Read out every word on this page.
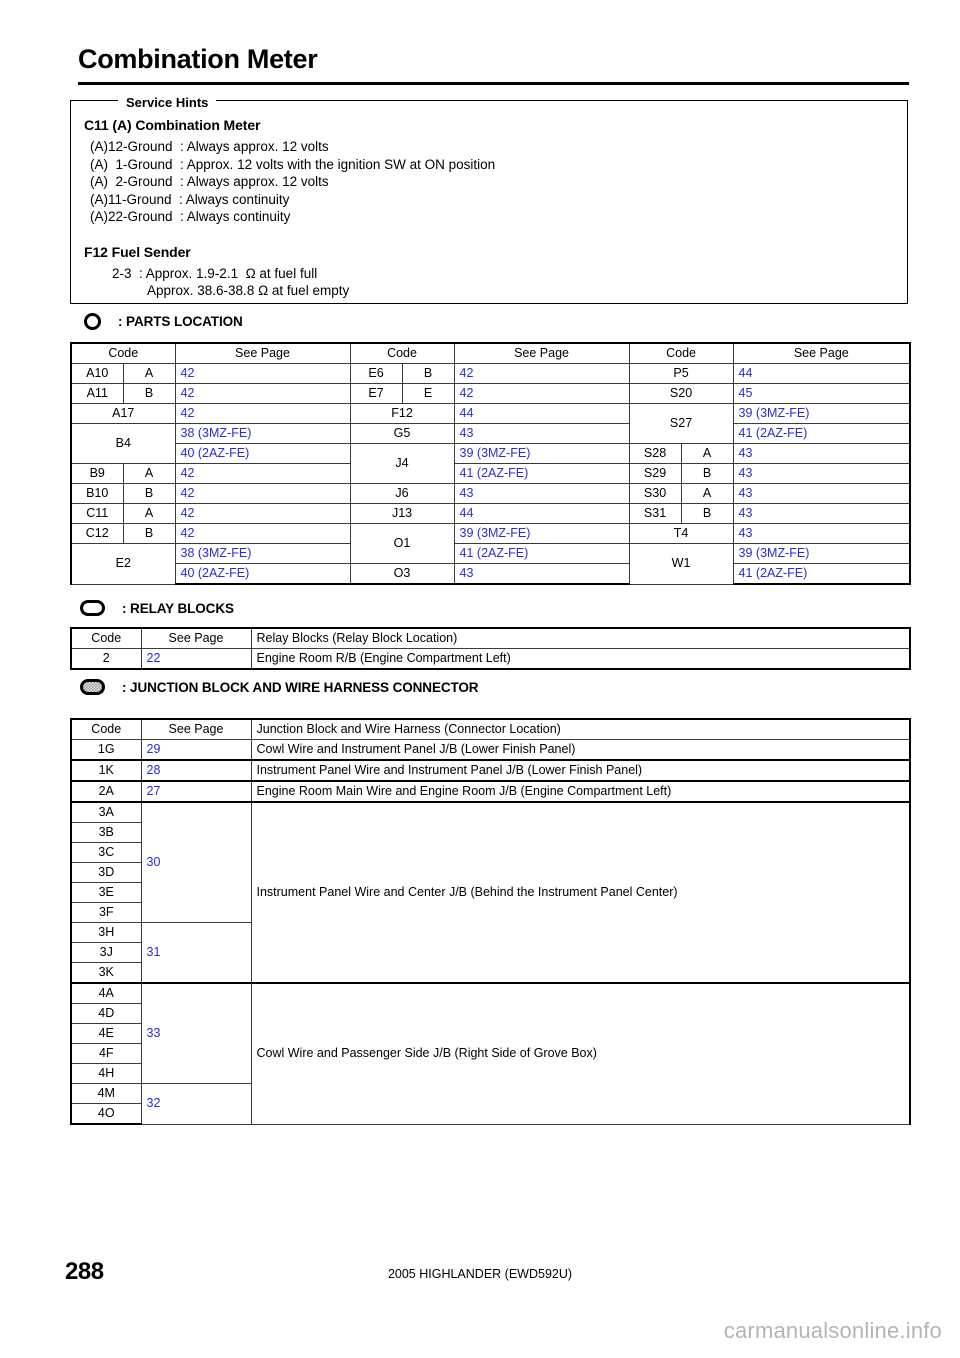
Combination Meter
Service Hints
C11 (A) Combination Meter
(A)12-Ground  : Always approx. 12 volts
(A)  1-Ground  : Approx. 12 volts with the ignition SW at ON position
(A)  2-Ground  : Always approx. 12 volts
(A)11-Ground  : Always continuity
(A)22-Ground  : Always continuity
F12 Fuel Sender
2-3  : Approx. 1.9-2.1  Ω at fuel full
Approx. 38.6-38.8 Ω at fuel empty
: PARTS LOCATION
Code		See Page	Code		See Page	Code		See Page
A10	A	42	E6	B	42	P5		44
A11	B	42	E7	E	42	S20		45
A17		42	F12		44	S27		39 (3MZ-FE)
B4		38 (3MZ-FE)	G5		43			41 (2AZ-FE)
		40 (2AZ-FE)	J4		39 (3MZ-FE)	S28	A	43
B9	A	42			41 (2AZ-FE)	S29	B	43
B10	B	42	J6		43	S30	A	43
C11	A	42	J13		44	S31	B	43
C12	B	42	O1		39 (3MZ-FE)	T4		43
E2		38 (3MZ-FE)			41 (2AZ-FE)	W1		39 (3MZ-FE)
		40 (2AZ-FE)	O3		43			41 (2AZ-FE)
: RELAY BLOCKS
Code	See Page	Relay Blocks (Relay Block Location)
2	22	Engine Room R/B (Engine Compartment Left)
: JUNCTION BLOCK AND WIRE HARNESS CONNECTOR
Code	See Page	Junction Block and Wire Harness (Connector Location)	
1G	29	Cowl Wire and Instrument Panel J/B (Lower Finish Panel)	
1K	28	Instrument Panel Wire and Instrument Panel J/B (Lower Finish Panel)	
2A	27	Engine Room Main Wire and Engine Room J/B (Engine Compartment Left)	
3A	30	Instrument Panel Wire and Center J/B (Behind the Instrument Panel Center)	
3B			
3C			
3D			
3E			
3F			
3H	31		
3J			
3K			
4A	33	Cowl Wire and Passenger Side J/B (Right Side of Grove Box)	
4D			
4E			
4F			
4H			
4M	32		
4O			
288	2005 HIGHLANDER (EWD592U)
carmanualsonline.info
